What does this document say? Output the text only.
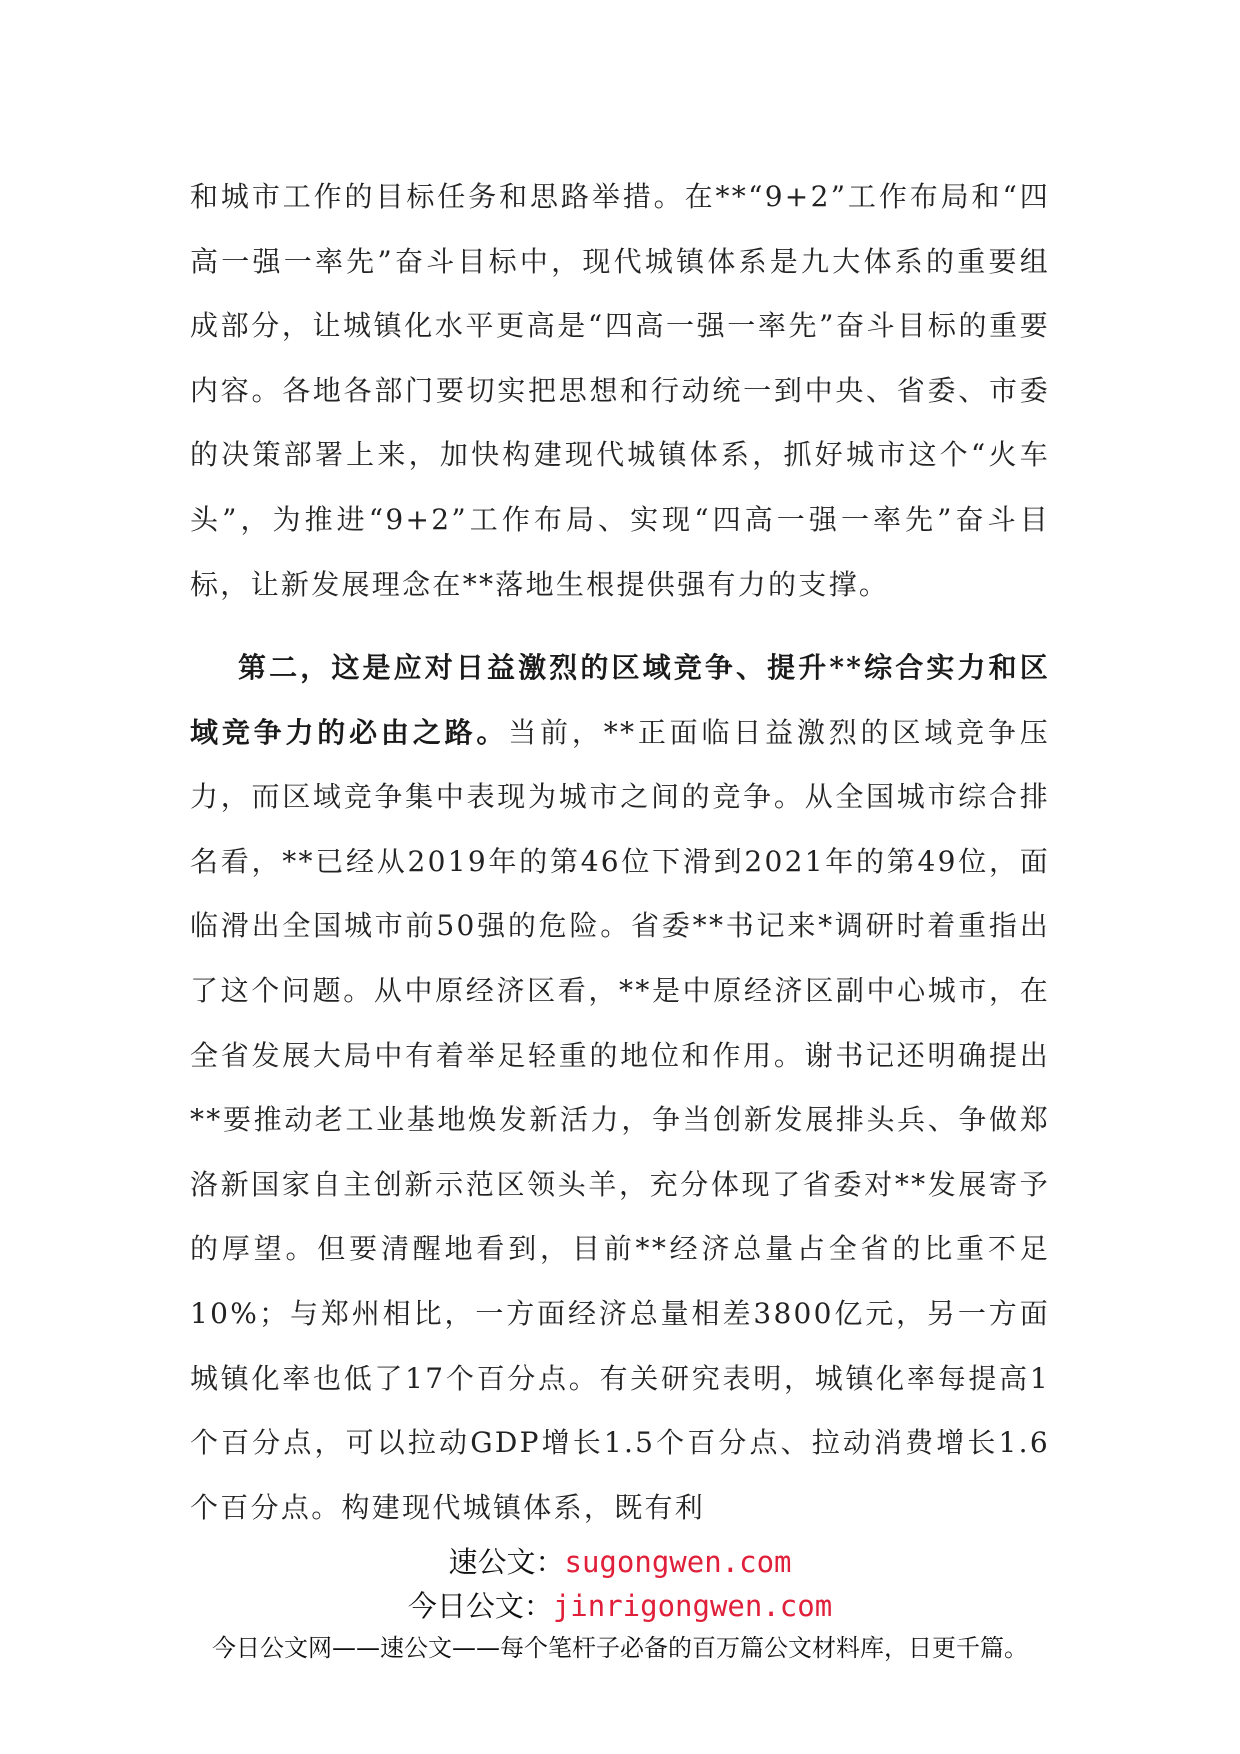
和城市工作的目标任务和思路举措。在**“9+2”工作布局和“四高一强一率先”奋斗目标中，现代城镇体系是九大体系的重要组成部分，让城镇化水平更高是“四高一强一率先”奋斗目标的重要内容。各地各部门要切实把思想和行动统一到中央、省委、市委的决策部署上来，加快构建现代城镇体系，抓好城市这个“火车头”，为推进“9+2”工作布局、实现“四高一强一率先”奋斗目标，让新发展理念在**落地生根提供强有力的支撑。

第二，这是应对日益激烈的区域竞争、提升**综合实力和区域竞争力的必由之路。当前，**正面临日益激烈的区域竞争压力，而区域竞争集中表现为城市之间的竞争。从全国城市综合排名看，**已经从2019年的第46位下滑到2021年的第49位，面临滑出全国城市前50强的危险。省委**书记来*调研时着重指出了这个问题。从中原经济区看，**是中原经济区副中心城市，在全省发展大局中有着举足轻重的地位和作用。谢书记还明确提出**要推动老工业基地焕发新活力，争当创新发展排头兵、争做郑洛新国家自主创新示范区领头羊，充分体现了省委对**发展寄予的厚望。但要清醒地看到，目前**经济总量占全省的比重不足10%；与郑州相比，一方面经济总量相差3800亿元，另一方面城镇化率也低了17个百分点。有关研究表明，城镇化率每提高1个百分点，可以拉动GDP增长1.5个百分点、拉动消费增长1.6个百分点。构建现代城镇体系，既有利

速公文：sugongwen.com
今日公文：jinrigongwen.com
今日公文网——速公文——每个笔杆子必备的百万篇公文材料库，日更千篇。
